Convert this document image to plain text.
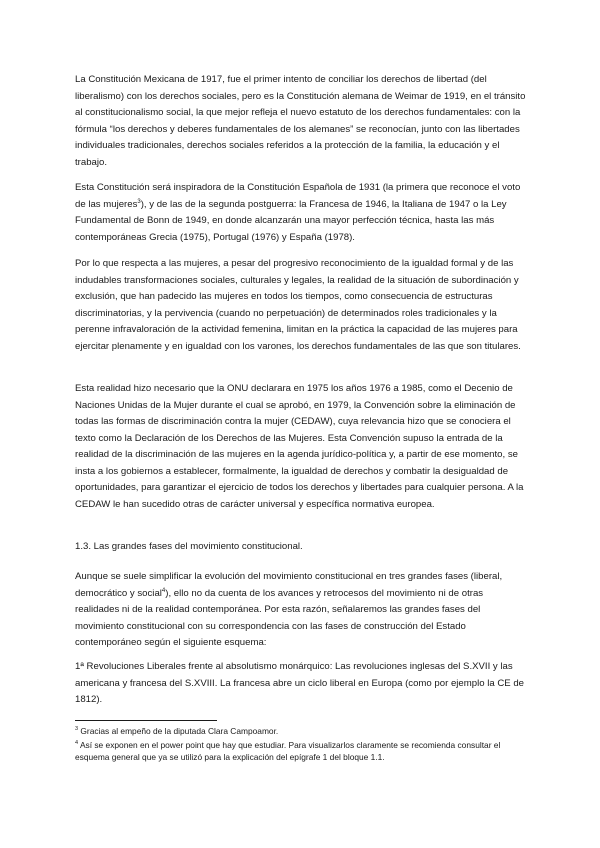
La Constitución Mexicana de 1917, fue el primer intento de conciliar los derechos de libertad (del liberalismo) con los derechos sociales, pero es la Constitución alemana de Weimar de 1919, en el tránsito al constitucionalismo social, la que mejor refleja el nuevo estatuto de los derechos fundamentales: con la fórmula “los derechos y deberes fundamentales de los alemanes” se reconocían, junto con las libertades individuales tradicionales, derechos sociales referidos a la protección de la familia, la educación y el trabajo.

Esta Constitución será inspiradora de la Constitución Española de 1931 (la primera que reconoce el voto de las mujeres$^3$), y de las de la segunda postguerra: la Francesa de 1946, la Italiana de 1947 o la Ley Fundamental de Bonn de 1949, en donde alcanzarán una mayor perfección técnica, hasta las más contemporáneas Grecia (1975), Portugal (1976) y España (1978).

Por lo que respecta a las mujeres, a pesar del progresivo reconocimiento de la igualdad formal y de las indudables transformaciones sociales, culturales y legales, la realidad de la situación de subordinación y exclusión, que han padecido las mujeres en todos los tiempos, como consecuencia de estructuras discriminatorias, y la pervivencia (cuando no perpetuación) de determinados roles tradicionales y la perenne infravaloración de la actividad femenina, limitan en la práctica la capacidad de las mujeres para ejercitar plenamente y en igualdad con los varones, los derechos fundamentales de las que son titulares.

Esta realidad hizo necesario que la ONU declarara en 1975 los años 1976 a 1985, como el Decenio de Naciones Unidas de la Mujer durante el cual se aprobó, en 1979, la Convención sobre la eliminación de todas las formas de discriminación contra la mujer (CEDAW), cuya relevancia hizo que se conociera el texto como la Declaración de los Derechos de las Mujeres. Esta Convención supuso la entrada de la realidad de la discriminación de las mujeres en la agenda jurídico-política y, a partir de ese momento, se insta a los gobiernos a establecer, formalmente, la igualdad de derechos y combatir la desigualdad de oportunidades, para garantizar el ejercicio de todos los derechos y libertades para cualquier persona. A la CEDAW le han sucedido otras de carácter universal y específica normativa europea.

1.3. Las grandes fases del movimiento constitucional.

Aunque se suele simplificar la evolución del movimiento constitucional en tres grandes fases (liberal, democrático y social$^4$), ello no da cuenta de los avances y retrocesos del movimiento ni de otras realidades ni de la realidad contemporánea. Por esta razón, señalaremos las grandes fases del movimiento constitucional con su correspondencia con las fases de construcción del Estado contemporáneo según el siguiente esquema:

1ª Revoluciones Liberales frente al absolutismo monárquico: Las revoluciones inglesas del S.XVII y las americana y francesa del S.XVIII. La francesa abre un ciclo liberal en Europa (como por ejemplo la CE de 1812).

$^3$ Gracias al empeño de la diputada Clara Campoamor.

$^4$ Así se exponen en el power point que hay que estudiar. Para visualizarlos claramente se recomienda consultar el esquema general que ya se utilizó para la explicación del epígrafe 1 del bloque 1.1.
